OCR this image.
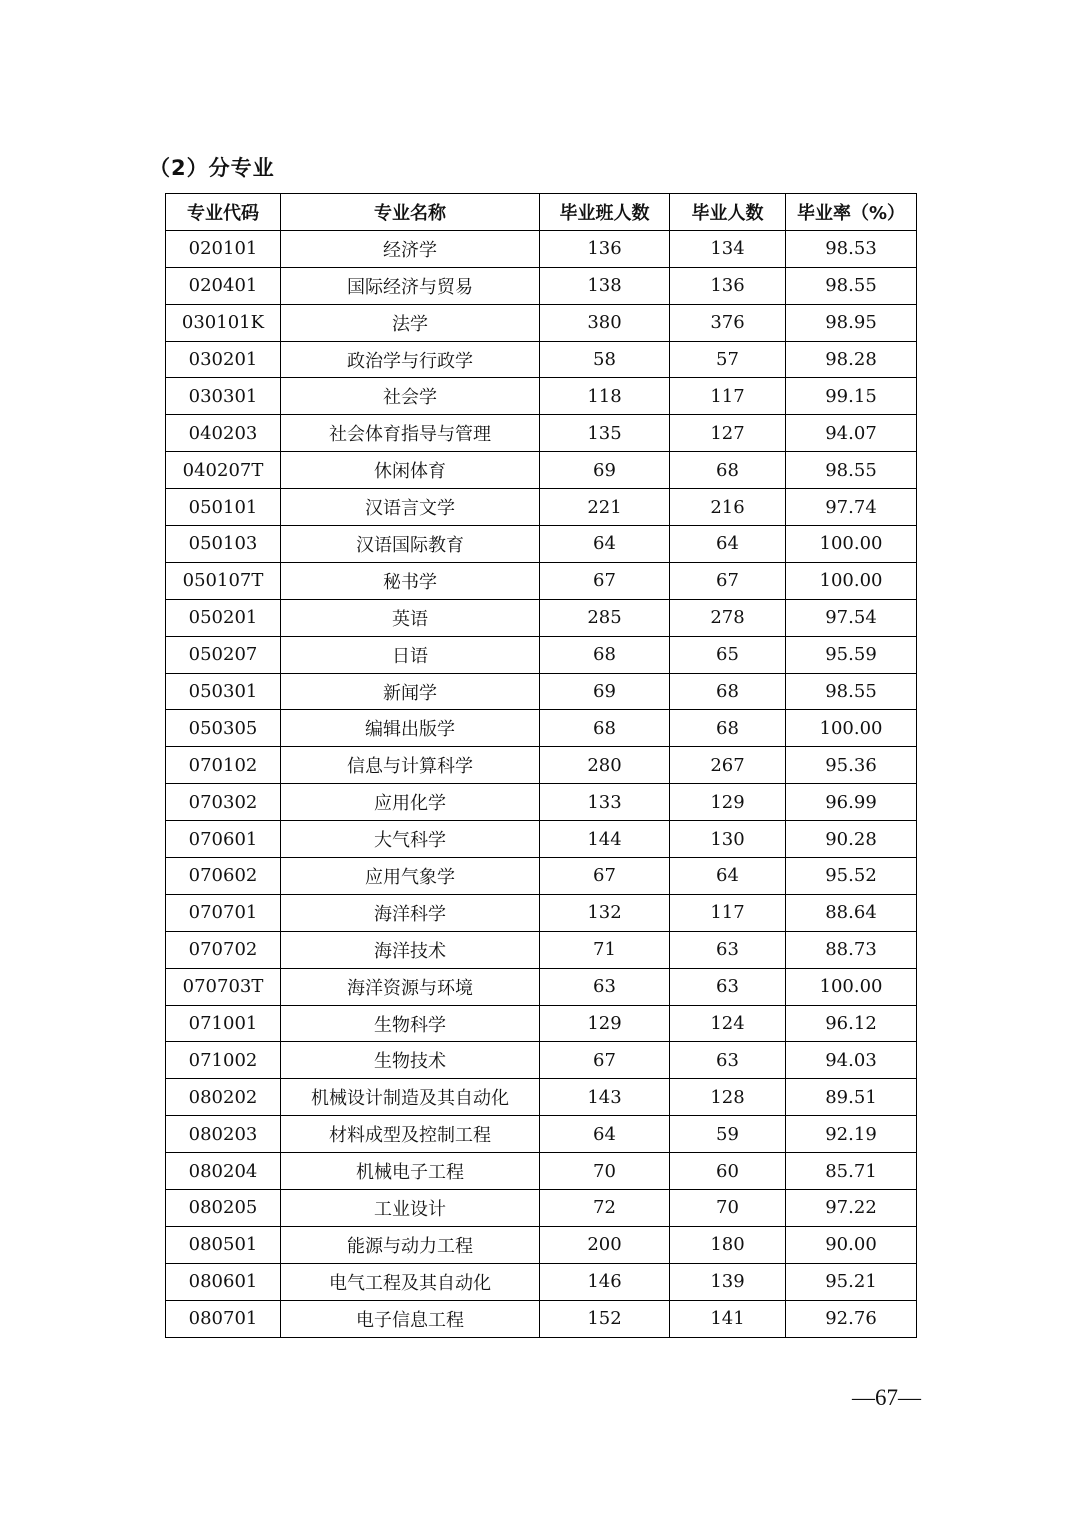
（2）分专业
专业代码	专业名称	毕业班人数	毕业人数	毕业率（%）
020101	经济学	136	134	98.53
020401	国际经济与贸易	138	136	98.55
030101K	法学	380	376	98.95
030201	政治学与行政学	58	57	98.28
030301	社会学	118	117	99.15
040203	社会体育指导与管理	135	127	94.07
040207T	休闲体育	69	68	98.55
050101	汉语言文学	221	216	97.74
050103	汉语国际教育	64	64	100.00
050107T	秘书学	67	67	100.00
050201	英语	285	278	97.54
050207	日语	68	65	95.59
050301	新闻学	69	68	98.55
050305	编辑出版学	68	68	100.00
070102	信息与计算科学	280	267	95.36
070302	应用化学	133	129	96.99
070601	大气科学	144	130	90.28
070602	应用气象学	67	64	95.52
070701	海洋科学	132	117	88.64
070702	海洋技术	71	63	88.73
070703T	海洋资源与环境	63	63	100.00
071001	生物科学	129	124	96.12
071002	生物技术	67	63	94.03
080202	机械设计制造及其自动化	143	128	89.51
080203	材料成型及控制工程	64	59	92.19
080204	机械电子工程	70	60	85.71
080205	工业设计	72	70	97.22
080501	能源与动力工程	200	180	90.00
080601	电气工程及其自动化	146	139	95.21
080701	电子信息工程	152	141	92.76
—67—
